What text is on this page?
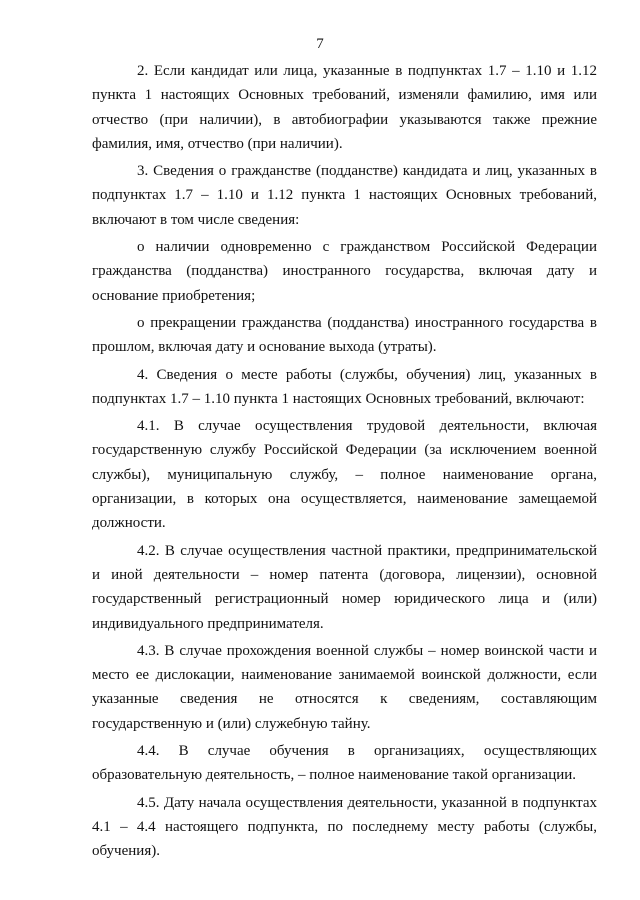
7

2. Если кандидат или лица, указанные в подпунктах 1.7 – 1.10 и 1.12 пункта 1 настоящих Основных требований, изменяли фамилию, имя или отчество (при наличии), в автобиографии указываются также прежние фамилия, имя, отчество (при наличии).

3. Сведения о гражданстве (подданстве) кандидата и лиц, указанных в подпунктах 1.7 – 1.10 и 1.12 пункта 1 настоящих Основных требований, включают в том числе сведения:

о наличии одновременно с гражданством Российской Федерации гражданства (подданства) иностранного государства, включая дату и основание приобретения;

о прекращении гражданства (подданства) иностранного государства в прошлом, включая дату и основание выхода (утраты).

4. Сведения о месте работы (службы, обучения) лиц, указанных в подпунктах 1.7 – 1.10 пункта 1 настоящих Основных требований, включают:

4.1. В случае осуществления трудовой деятельности, включая государственную службу Российской Федерации (за исключением военной службы), муниципальную службу, – полное наименование органа, организации, в которых она осуществляется, наименование замещаемой должности.

4.2. В случае осуществления частной практики, предпринимательской и иной деятельности – номер патента (договора, лицензии), основной государственный регистрационный номер юридического лица и (или) индивидуального предпринимателя.

4.3. В случае прохождения военной службы – номер воинской части и место ее дислокации, наименование занимаемой воинской должности, если указанные сведения не относятся к сведениям, составляющим государственную и (или) служебную тайну.

4.4. В случае обучения в организациях, осуществляющих образовательную деятельность, – полное наименование такой организации.

4.5. Дату начала осуществления деятельности, указанной в подпунктах 4.1 – 4.4 настоящего подпункта, по последнему месту работы (службы, обучения).
